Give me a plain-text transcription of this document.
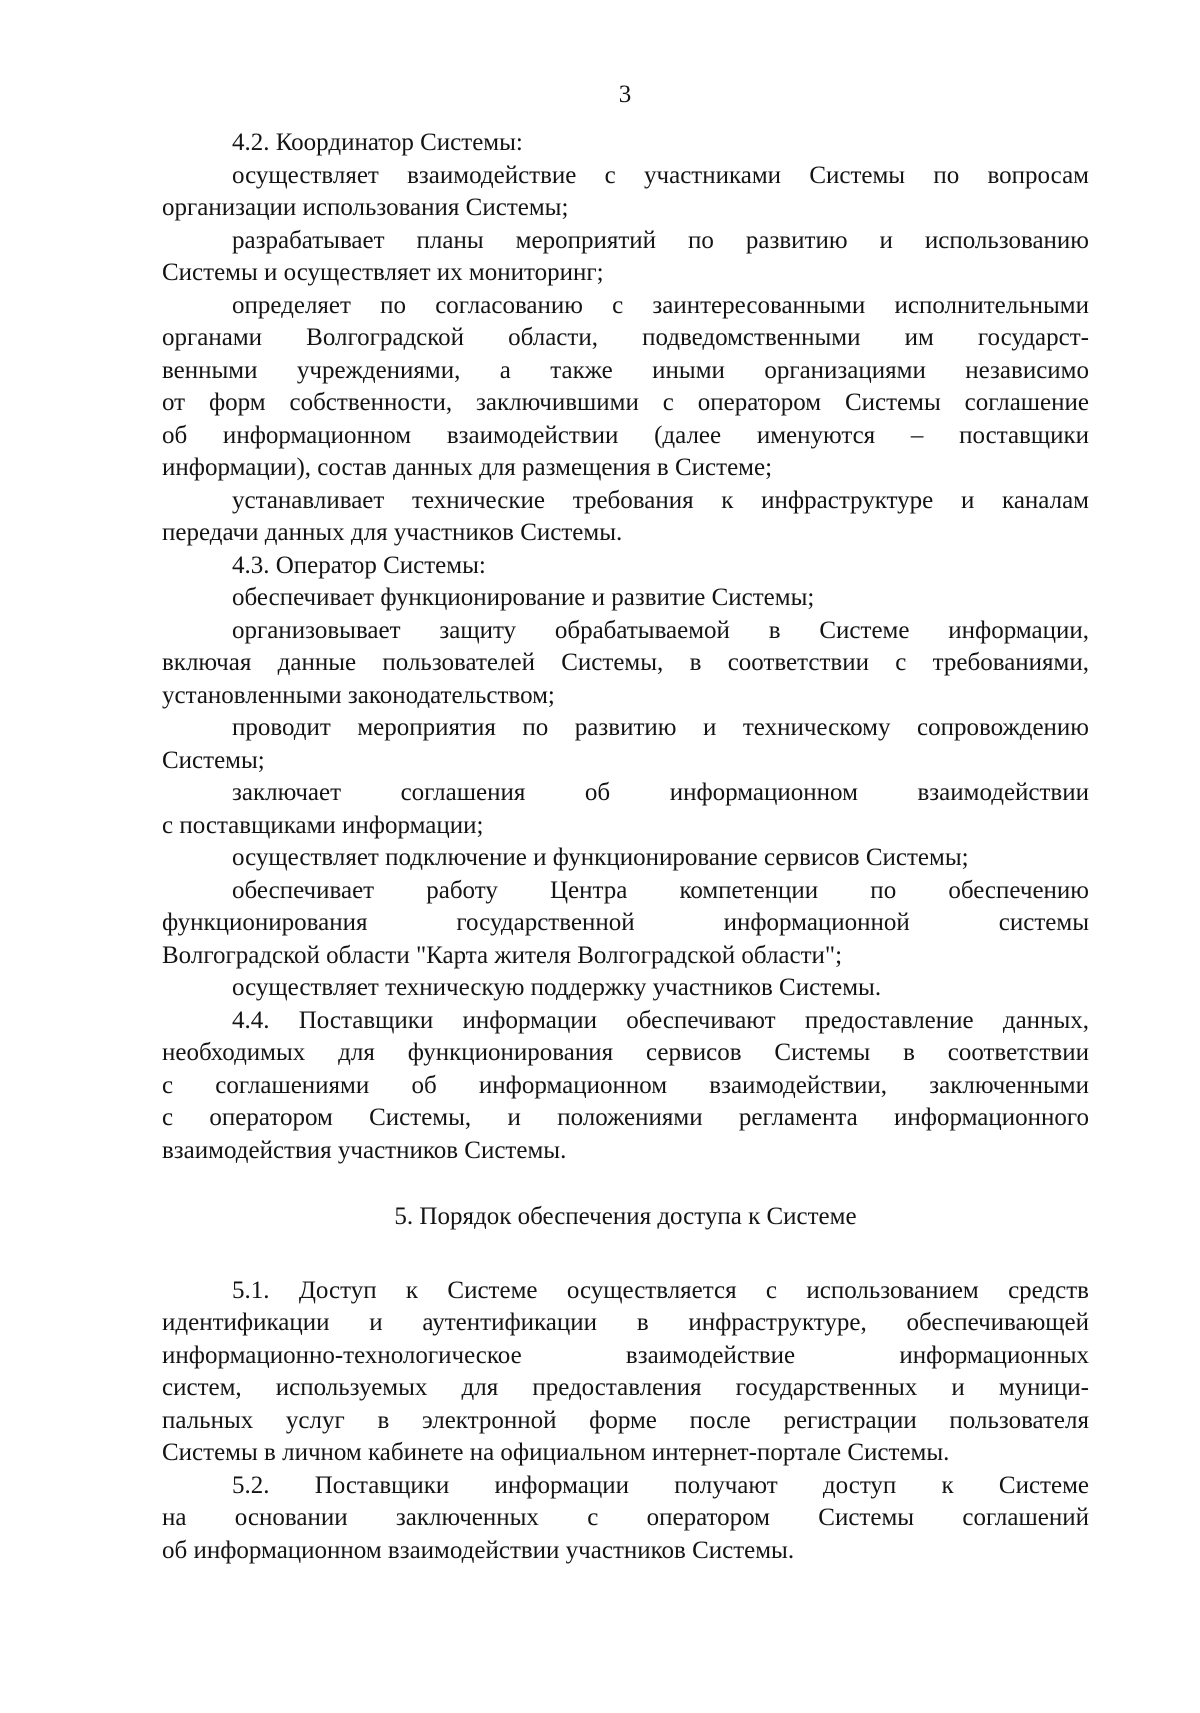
3
4.2. Координатор Системы:
осуществляет взаимодействие с участниками Системы по вопросам
организации использования Системы;
разрабатывает планы мероприятий по развитию и использованию
Системы и осуществляет их мониторинг;
определяет по согласованию с заинтересованными исполнительными
органами Волгоградской области, подведомственными им государст-
венными учреждениями, а также иными организациями независимо
от форм собственности, заключившими с оператором Системы соглашение
об информационном взаимодействии (далее именуются – поставщики
информации), состав данных для размещения в Системе;
устанавливает технические требования к инфраструктуре и каналам
передачи данных для участников Системы.
4.3. Оператор Системы:
обеспечивает функционирование и развитие Системы;
организовывает защиту обрабатываемой в Системе информации,
включая данные пользователей Системы, в соответствии с требованиями,
установленными законодательством;
проводит мероприятия по развитию и техническому сопровождению
Системы;
заключает соглашения об информационном взаимодействии
с поставщиками информации;
осуществляет подключение и функционирование сервисов Системы;
обеспечивает работу Центра компетенции по обеспечению
функционирования государственной информационной системы
Волгоградской области "Карта жителя Волгоградской области";
осуществляет техническую поддержку участников Системы.
4.4. Поставщики информации обеспечивают предоставление данных,
необходимых для функционирования сервисов Системы в соответствии
с соглашениями об информационном взаимодействии, заключенными
с оператором Системы, и положениями регламента информационного
взаимодействия участников Системы.
5. Порядок обеспечения доступа к Системе
5.1. Доступ к Системе осуществляется с использованием средств
идентификации и аутентификации в инфраструктуре, обеспечивающей
информационно-технологическое взаимодействие информационных
систем, используемых для предоставления государственных и муници-
пальных услуг в электронной форме после регистрации пользователя
Системы в личном кабинете на официальном интернет-портале Системы.
5.2. Поставщики информации получают доступ к Системе
на основании заключенных с оператором Системы соглашений
об информационном взаимодействии участников Системы.
